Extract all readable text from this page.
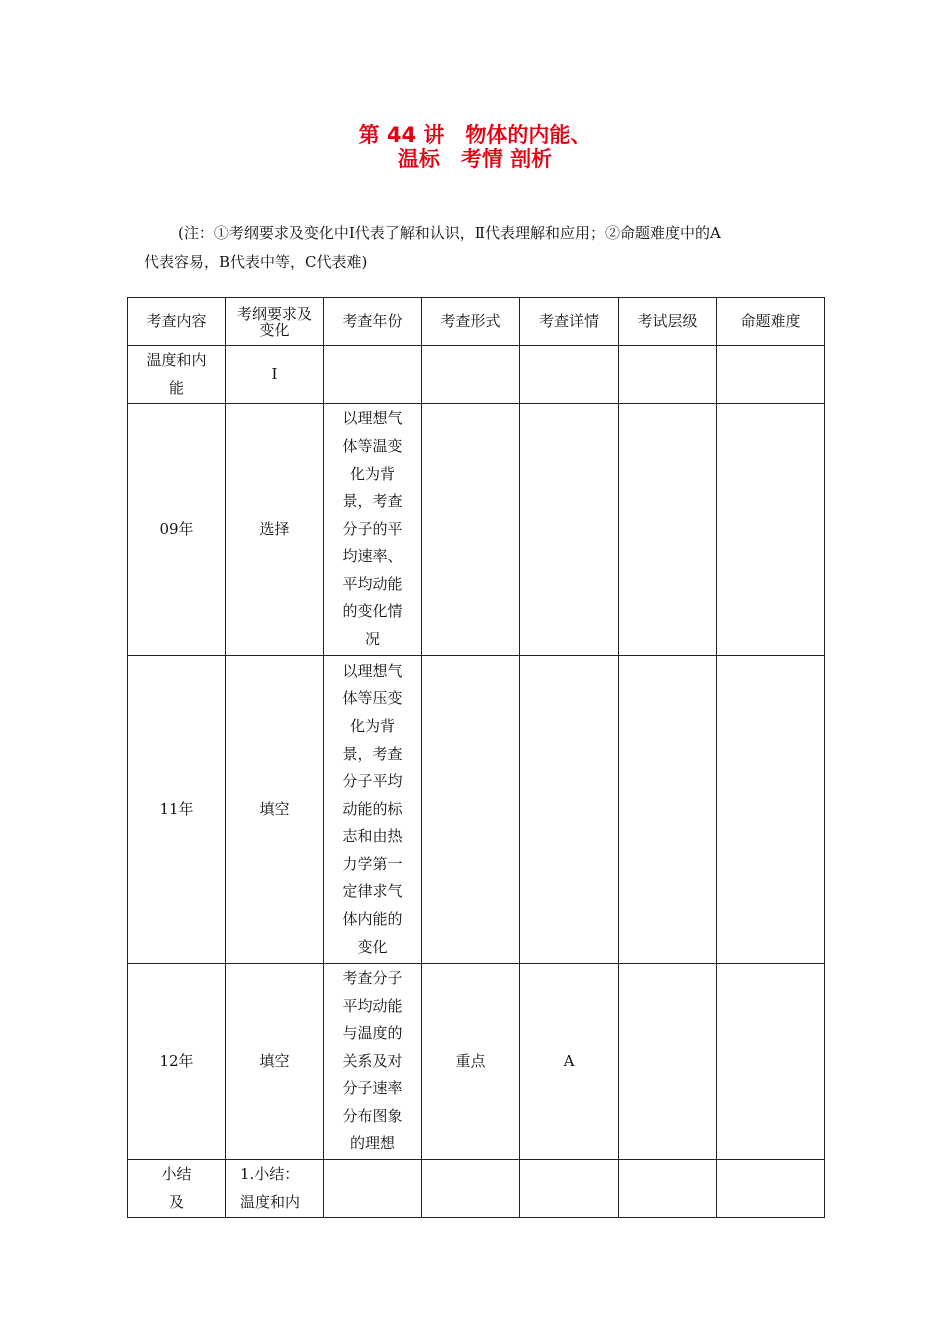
第 44 讲　物体的内能、
温标　考情 剖析
(注：①考纲要求及变化中Ⅰ代表了解和认识，Ⅱ代表理解和应用；②命题难度中的A
代表容易，B代表中等，C代表难)
考查内容	考纲要求及变化	考查年份	考查形式	考查详情	考试层级	命题难度
温度和内能	Ⅰ					
09年	选择	以理想气体等温变化为背景，考查分子的平均速率、平均动能的变化情况				
11年	填空	以理想气体等压变化为背景，考查分子平均动能的标志和由热力学第一定律求气体内能的变化				
12年	填空	考查分子平均动能与温度的关系及对分子速率分布图象的理想	重点	A		
小结及	1.小结：温度和内					
